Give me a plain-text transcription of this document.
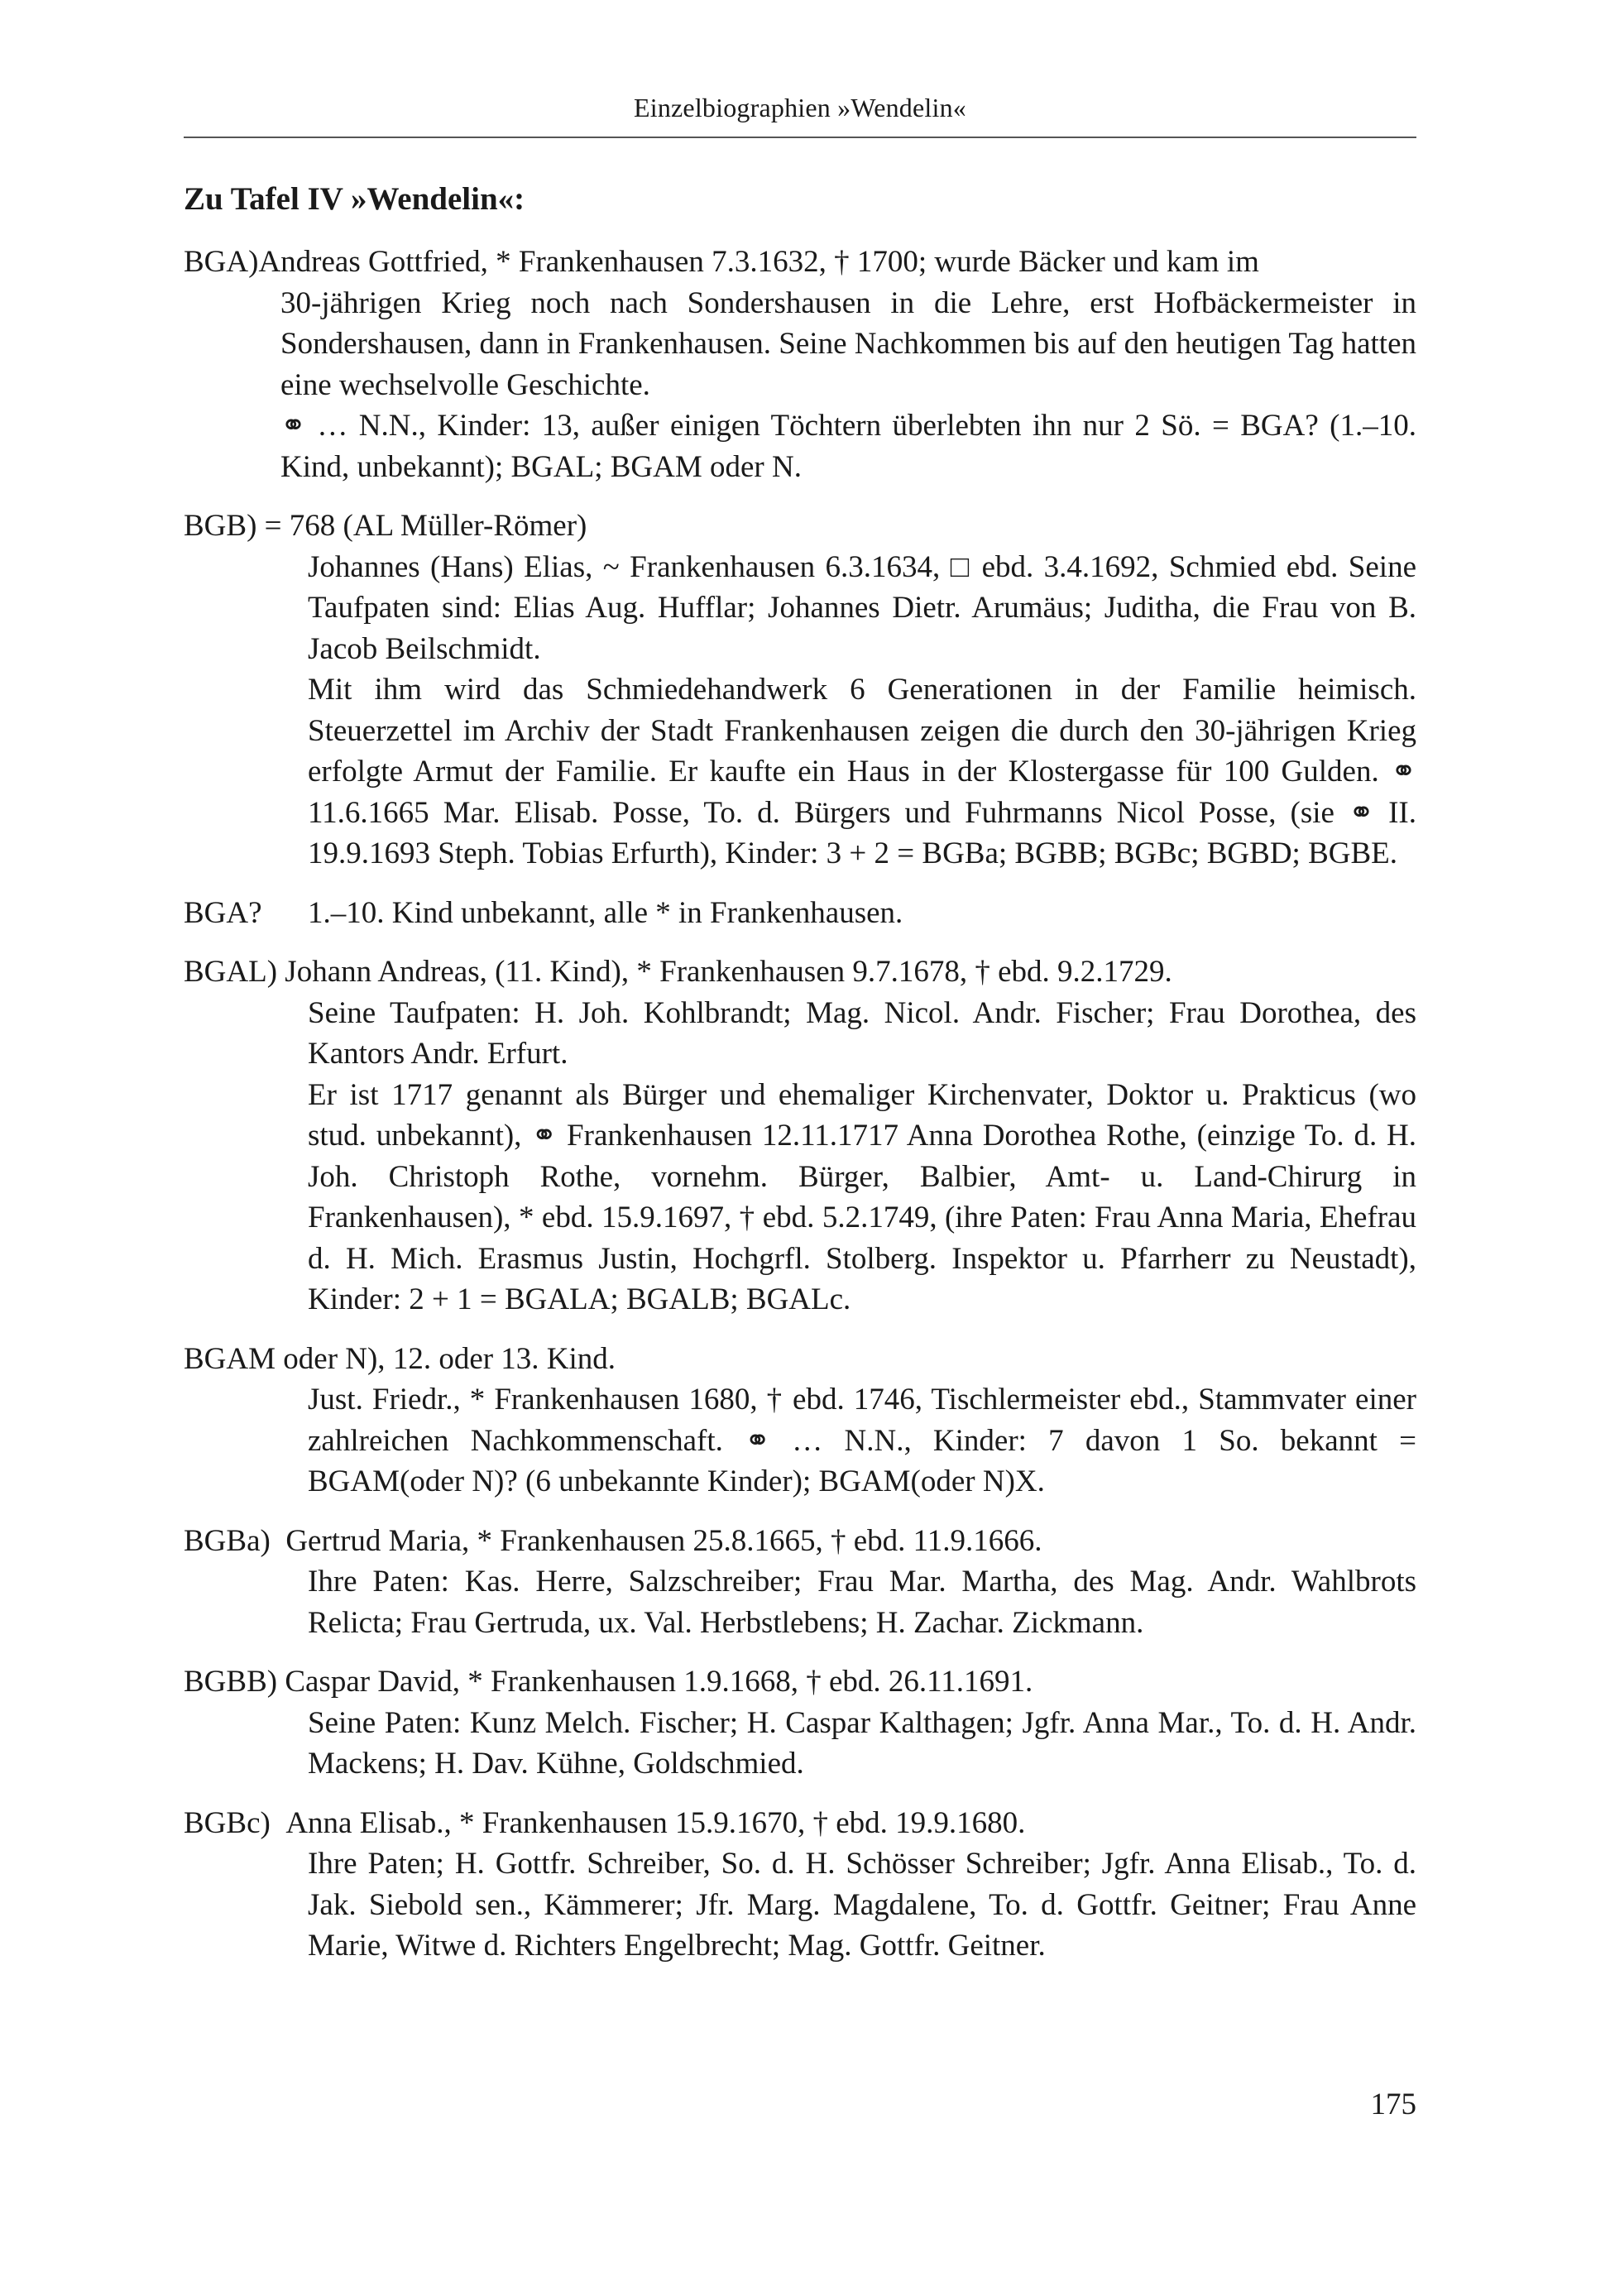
Einzelbiographien »Wendelin«
Zu Tafel IV »Wendelin«:
BGA) Andreas Gottfried, * Frankenhausen 7.3.1632, † 1700; wurde Bäcker und kam im
30-jährigen Krieg noch nach Sondershausen in die Lehre, erst Hofbäckermeister in Sondershausen, dann in Frankenhausen. Seine Nachkommen bis auf den heutigen Tag hatten eine wechselvolle Geschichte.
⚭ … N.N., Kinder: 13, außer einigen Töchtern überlebten ihn nur 2 Sö. = BGA? (1.–10. Kind, unbekannt); BGAL; BGAM oder N.
BGB)
= 768 (AL Müller-Römer)
Johannes (Hans) Elias, ~ Frankenhausen 6.3.1634, □ ebd. 3.4.1692, Schmied ebd. Seine Taufpaten sind: Elias Aug. Hufflar; Johannes Dietr. Arumäus; Juditha, die Frau von B. Jacob Beilschmidt.
Mit ihm wird das Schmiedehandwerk 6 Generationen in der Familie heimisch. Steuerzettel im Archiv der Stadt Frankenhausen zeigen die durch den 30-jährigen Krieg erfolgte Armut der Familie. Er kaufte ein Haus in der Klostergasse für 100 Gulden. ⚭ 11.6.1665 Mar. Elisab. Posse, To. d. Bürgers und Fuhrmanns Nicol Posse, (sie ⚭ II. 19.9.1693 Steph. Tobias Erfurth), Kinder: 3 + 2 = BGBa; BGBB; BGBc; BGBD; BGBE.
BGA?	1.–10. Kind unbekannt, alle * in Frankenhausen.
BGAL)
Johann Andreas, (11. Kind), * Frankenhausen 9.7.1678, † ebd. 9.2.1729.
Seine Taufpaten: H. Joh. Kohlbrandt; Mag. Nicol. Andr. Fischer; Frau Dorothea, des Kantors Andr. Erfurt.
Er ist 1717 genannt als Bürger und ehemaliger Kirchenvater, Doktor u. Prakticus (wo stud. unbekannt), ⚭ Frankenhausen 12.11.1717 Anna Dorothea Rothe, (einzige To. d. H. Joh. Christoph Rothe, vornehm. Bürger, Balbier, Amt- u. Land-Chirurg in Frankenhausen), * ebd. 15.9.1697, † ebd. 5.2.1749, (ihre Paten: Frau Anna Maria, Ehefrau d. H. Mich. Erasmus Justin, Hochgrfl. Stolberg. Inspektor u. Pfarrherr zu Neustadt), Kinder: 2 + 1 = BGALA; BGALB; BGALc.
BGAM oder N),
12. oder 13. Kind.
Just. Friedr., * Frankenhausen 1680, † ebd. 1746, Tischlermeister ebd., Stammvater einer zahlreichen Nachkommenschaft. ⚭ … N.N., Kinder: 7 davon 1 So. bekannt = BGAM(oder N)? (6 unbekannte Kinder); BGAM(oder N)X.
BGBa)
Gertrud Maria, * Frankenhausen 25.8.1665, † ebd. 11.9.1666.
Ihre Paten: Kas. Herre, Salzschreiber; Frau Mar. Martha, des Mag. Andr. Wahlbrots Relicta; Frau Gertruda, ux. Val. Herbstlebens; H. Zachar. Zickmann.
BGBB)
Caspar David, * Frankenhausen 1.9.1668, † ebd. 26.11.1691.
Seine Paten: Kunz Melch. Fischer; H. Caspar Kalthagen; Jgfr. Anna Mar., To. d. H. Andr. Mackens; H. Dav. Kühne, Goldschmied.
BGBc)
Anna Elisab., * Frankenhausen 15.9.1670, † ebd. 19.9.1680.
Ihre Paten; H. Gottfr. Schreiber, So. d. H. Schösser Schreiber; Jgfr. Anna Elisab., To. d. Jak. Siebold sen., Kämmerer; Jfr. Marg. Magdalene, To. d. Gottfr. Geitner; Frau Anne Marie, Witwe d. Richters Engelbrecht; Mag. Gottfr. Geitner.
175
